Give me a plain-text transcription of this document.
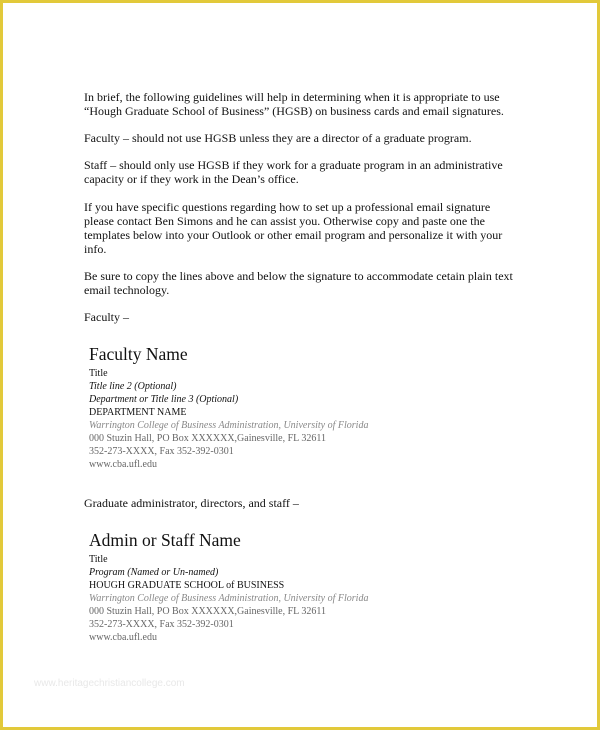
In brief, the following guidelines will help in determining when it is appropriate to use “Hough Graduate School of Business” (HGSB) on business cards and email signatures.

Faculty – should not use HGSB unless they are a director of a graduate program.

Staff – should only use HGSB if they work for a graduate program in an administrative capacity or if they work in the Dean’s office.

If you have specific questions regarding how to set up a professional email signature please contact Ben Simons and he can assist you. Otherwise copy and paste one the templates below into your Outlook or other email program and personalize it with your info.

Be sure to copy the lines above and below the signature to accommodate cetain plain text email technology.

Faculty –

Faculty Name

Title

Title line 2 (Optional)

Department or Title line 3 (Optional)

DEPARTMENT NAME

Warrington College of Business Administration, University of Florida

000 Stuzin Hall, PO Box XXXXXX,Gainesville, FL 32611

352-273-XXXX, Fax 352-392-0301

www.cba.ufl.edu

Graduate administrator, directors, and staff –

Admin or Staff Name

Title

Program (Named or Un-named)

HOUGH GRADUATE SCHOOL of BUSINESS

Warrington College of Business Administration, University of Florida

000 Stuzin Hall, PO Box XXXXXX,Gainesville, FL 32611

352-273-XXXX, Fax 352-392-0301

www.cba.ufl.edu

www.heritagechristiancollege.com
